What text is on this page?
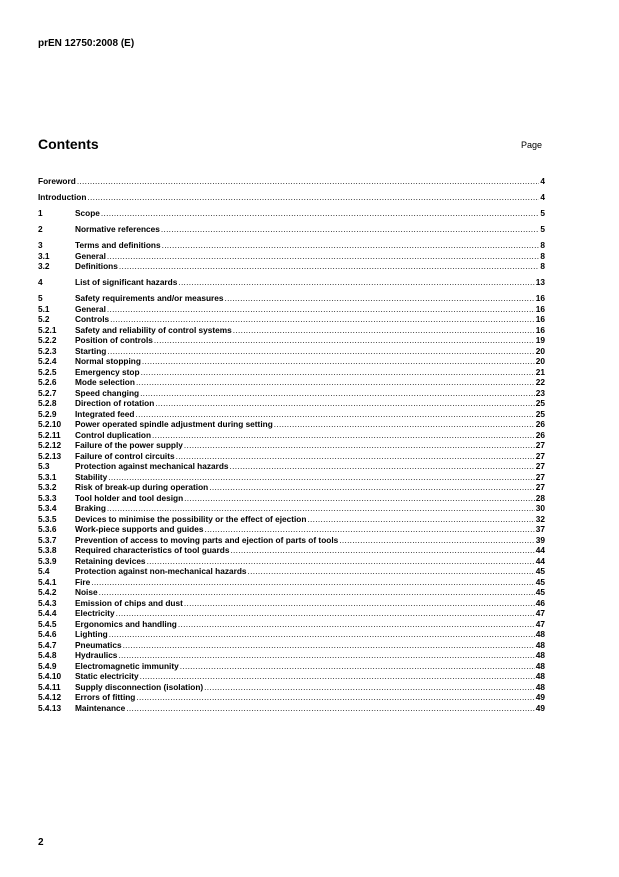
prEN 12750:2008 (E)
Contents	Page
Foreword .....	4
Introduction .....	4
1	Scope .....	5
2	Normative references .....	5
3	Terms and definitions .....	8
3.1	General .....	8
3.2	Definitions .....	8
4	List of significant hazards .....	13
5	Safety requirements and/or measures .....	16
5.1	General .....	16
5.2	Controls .....	16
5.2.1	Safety and reliability of control systems .....	16
5.2.2	Position of controls .....	19
5.2.3	Starting .....	20
5.2.4	Normal stopping .....	20
5.2.5	Emergency stop .....	21
5.2.6	Mode selection .....	22
5.2.7	Speed changing .....	23
5.2.8	Direction of rotation .....	25
5.2.9	Integrated feed .....	25
5.2.10	Power operated spindle adjustment during setting .....	26
5.2.11	Control duplication .....	26
5.2.12	Failure of the power supply .....	27
5.2.13	Failure of control circuits .....	27
5.3	Protection against mechanical hazards .....	27
5.3.1	Stability .....	27
5.3.2	Risk of break-up during operation .....	27
5.3.3	Tool holder and tool design .....	28
5.3.4	Braking .....	30
5.3.5	Devices to minimise the possibility or the effect of ejection .....	32
5.3.6	Work-piece supports and guides .....	37
5.3.7	Prevention of access to moving parts and ejection of parts of tools .....	39
5.3.8	Required characteristics of tool guards .....	44
5.3.9	Retaining devices .....	44
5.4	Protection against non-mechanical hazards .....	45
5.4.1	Fire .....	45
5.4.2	Noise .....	45
5.4.3	Emission of chips and dust .....	46
5.4.4	Electricity .....	47
5.4.5	Ergonomics and handling .....	47
5.4.6	Lighting .....	48
5.4.7	Pneumatics .....	48
5.4.8	Hydraulics .....	48
5.4.9	Electromagnetic immunity .....	48
5.4.10	Static electricity .....	48
5.4.11	Supply disconnection (isolation) .....	48
5.4.12	Errors of fitting .....	49
5.4.13	Maintenance .....	49
2
